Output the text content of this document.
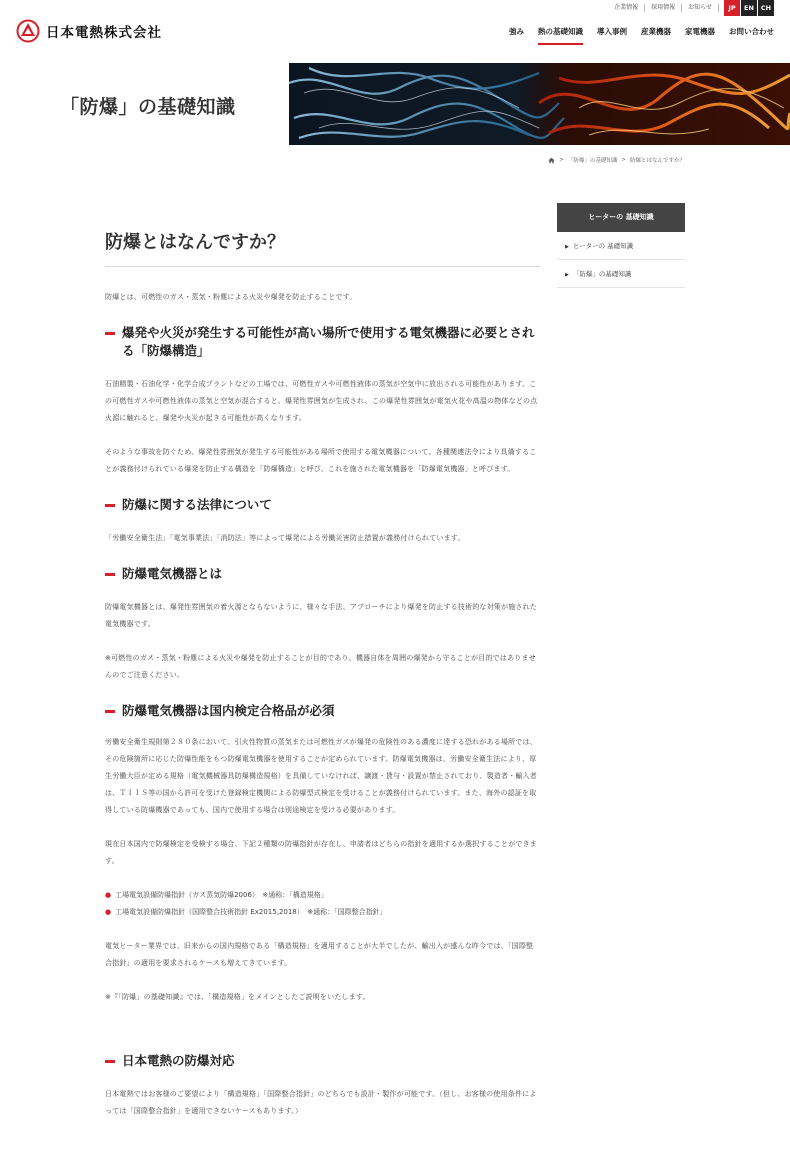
企業情報	採用情報	お知らせ	JP	EN	CH
日本電熱株式会社	強み 熱の基礎知識 導入事例 産業機器 家電機器 お問い合わせ
「防爆」の基礎知識
> 「防爆」の基礎知識 > 防爆とはなんですか？
防爆とはなんですか？

防爆とは、可燃性のガス・蒸気・粉塵による火災や爆発を防止することです。

爆発や火災が発生する可能性が高い場所で使用する電気機器に必要とされる「防爆構造」

石油精製・石油化学・化学合成プラントなどの工場では、可燃性ガスや可燃性液体の蒸気が空気中に放出される可能性があります。この可燃性ガスや可燃性液体の蒸気と空気が混合すると、爆発性雰囲気が生成され、この爆発性雰囲気が電気火花や高温の物体などの点火源に触れると、爆発や火災が起きる可能性が高くなります。

そのような事故を防ぐため、爆発性雰囲気が発生する可能性がある場所で使用する電気機器について、各種関連法令により具備することが義務付けられている爆発を防止する構造を「防爆構造」と呼び、これを施された電気機器を「防爆電気機器」と呼びます。

防爆に関する法律について

「労働安全衛生法」「電気事業法」「消防法」等によって爆発による労働災害防止措置が義務付けられています。

防爆電気機器とは

防爆電気機器とは、爆発性雰囲気の着火源とならないように、様々な手法、アプローチにより爆発を防止する技術的な対策が施された電気機器です。

※可燃性のガス・蒸気・粉塵による火災や爆発を防止することが目的であり、機器自体を周囲の爆発から守ることが目的ではありませんのでご注意ください。

防爆電気機器は国内検定合格品が必須

労働安全衛生規則第２８０条において、引火性物質の蒸気または可燃性ガスが爆発の危険性のある濃度に達する恐れがある場所では、その危険箇所に応じた防爆性能をもつ防爆電気機器を使用することが定められています。防爆電気機器は、労働安全衛生法により、厚生労働大臣が定める規格（電気機械器具防爆構造規格）を具備していなければ、譲渡・貸与・設置が禁止されており、製造者・輸入者は、ＴＩＩＳ等の国から許可を受けた登録検定機関による防爆型式検定を受けることが義務付けられています。また、海外の認証を取得している防爆機器であっても、国内で使用する場合は別途検定を受ける必要があります。

現在日本国内で防爆検定を受検する場合、下記２種類の防爆指針が存在し、申請者はどちらの指針を適用するか選択することができます。

● 工場電気設備防爆指針（ガス蒸気防爆2006）　※通称：「構造規格」
● 工場電気設備防爆指針（国際整合技術指針 Ex2015,2018）　※通称：「国際整合指針」

電気ヒーター業界では、旧来からの国内規格である「構造規格」を適用することが大半でしたが、輸出入が盛んな昨今では、「国際整合指針」の適用を要求されるケースも増えてきています。

※『「防爆」の基礎知識』では、「構造規格」をメインとしたご説明をいたします。

日本電熱の防爆対応

日本電熱ではお客様のご要望により「構造規格」「国際整合指針」のどちらでも設計・製作が可能です。（但し、お客様の使用条件によっては「国際整合指針」を適用できないケースもあります。）

ヒーターの 基礎知識
▶ ヒーターの 基礎知識
▶ 「防爆」の基礎知識
